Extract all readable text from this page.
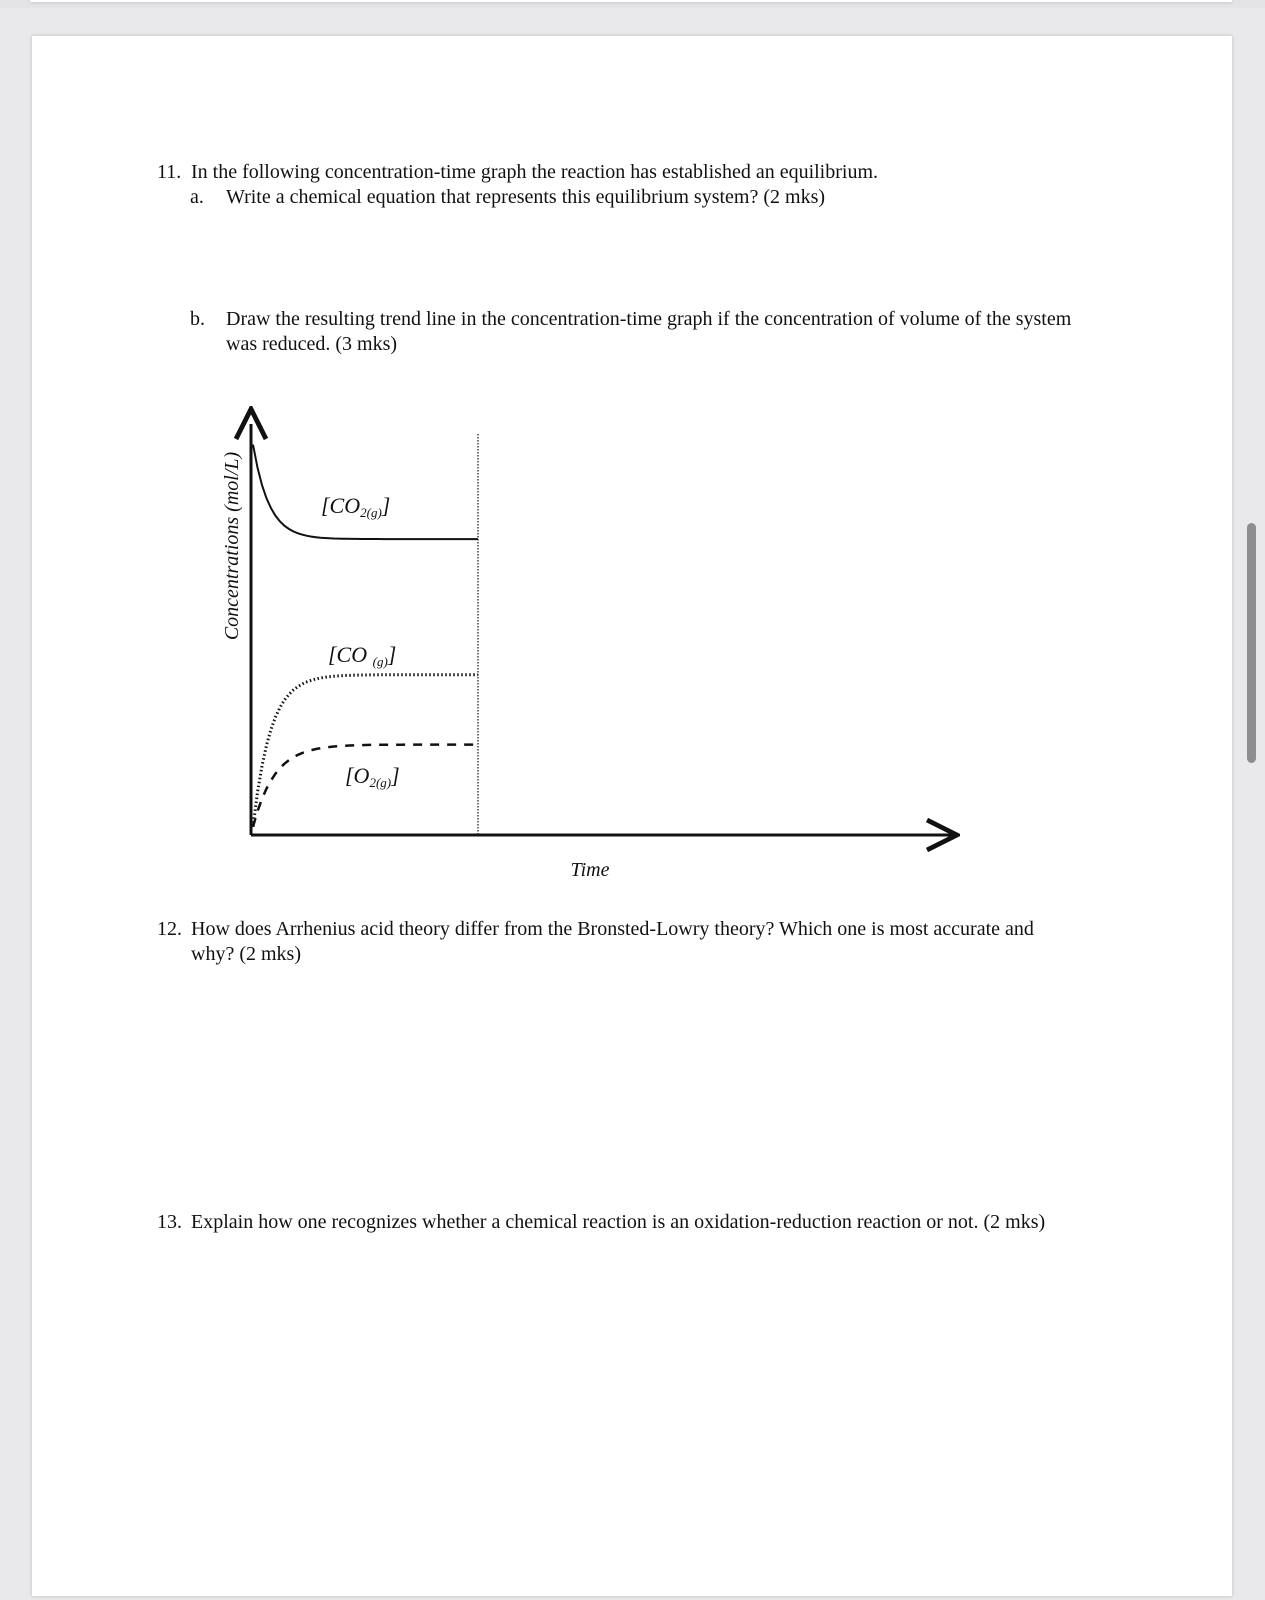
11. In the following concentration-time graph the reaction has established an equilibrium.
a. Write a chemical equation that represents this equilibrium system? (2 mks)
b. Draw the resulting trend line in the concentration-time graph if the concentration of volume of the system was reduced. (3 mks)
[CO2(g)]
[CO (g)]
[O2(g)]
Concentrations (mol/L)
Time
12. How does Arrhenius acid theory differ from the Bronsted-Lowry theory? Which one is most accurate and why? (2 mks)
13. Explain how one recognizes whether a chemical reaction is an oxidation-reduction reaction or not. (2 mks)
